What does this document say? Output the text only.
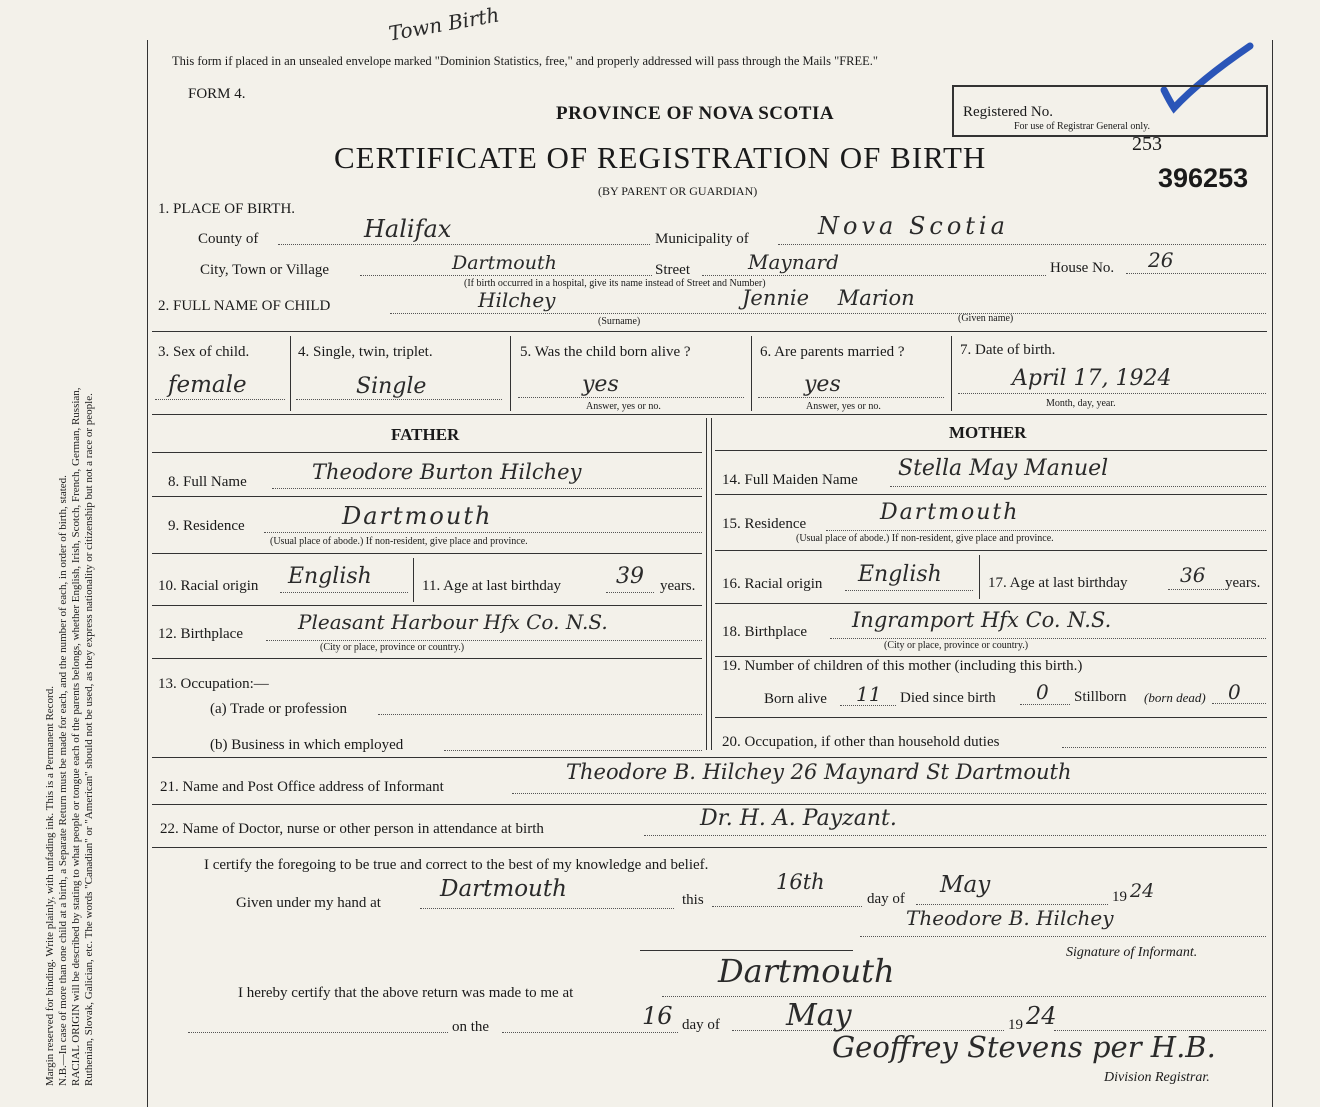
Margin reserved for binding. Write plainly, with unfading ink. This is a Permanent Record. N.B.—In case of more than one child at a birth, a Separate Return must be made for each, and the number of each, in order of birth, stated. RACIAL ORIGIN will be described by stating to what people or tongue each of the parents belongs, whether English, Irish, Scotch, French, German, Russian, Ruthenian, Slovak, Galician, etc. The words "Canadian" or "American" should not be used, as they express nationality or citizenship but not a race or people.
Town Birth
This form if placed in an unsealed envelope marked "Dominion Statistics, free," and properly addressed will pass through the Mails "FREE."
FORM 4.
PROVINCE OF NOVA SCOTIA
CERTIFICATE OF REGISTRATION OF BIRTH
(BY PARENT OR GUARDIAN)
Registered No.
For use of Registrar General only.
253
396253
1. PLACE OF BIRTH.
County of	Halifax	Municipality of	Nova Scotia
City, Town or Village	Dartmouth	Street	Maynard	House No. 26
(If birth occurred in a hospital, give its name instead of Street and Number)
2. FULL NAME OF CHILD	Hilchey
(Surname)
Jennie Marion
(Given name)
3. Sex of child.
female
4. Single, twin, triplet.
Single
5. Was the child born alive ?
yes
Answer, yes or no.
6. Are parents married ?
yes
Answer, yes or no.
7. Date of birth.
April 17, 1924
Month, day, year.
FATHER
8. Full Name	Theodore Burton Hilchey
9. Residence	Dartmouth
(Usual place of abode.) If non-resident, give place and province.
10. Racial origin English	11. Age at last birthday	39 years.
12. Birthplace	Pleasant Harbour Hfx Co. N.S.
(City or place, province or country.)
13. Occupation:—
(a) Trade or profession
(b) Business in which employed
MOTHER
14. Full Maiden Name Stella May Manuel
15. Residence	Dartmouth
(Usual place of abode.) If non-resident, give place and province.
16. Racial origin English	17. Age at last birthday	36 years.
18. Birthplace Ingramport Hfx Co. N.S.
(City or place, province or country.)
19. Number of children of this mother (including this birth.)
Born alive 11 Died since birth 0 Stillborn (born dead) 0
20. Occupation, if other than household duties
21. Name and Post Office address of Informant
Theodore B. Hilchey 26 Maynard St Dartmouth
22. Name of Doctor, nurse or other person in attendance at birth	Dr. H. A. Payzant.
I certify the foregoing to be true and correct to the best of my knowledge and belief.
Given under my hand at
Dartmouth	this
16th
day of
May	19 24
Theodore B. Hilchey
Signature of Informant.
I hereby certify that the above return was made to me at
Dartmouth
on the	16 day of May	19 24
Geoffrey Stevens per H.B.
Division Registrar.
